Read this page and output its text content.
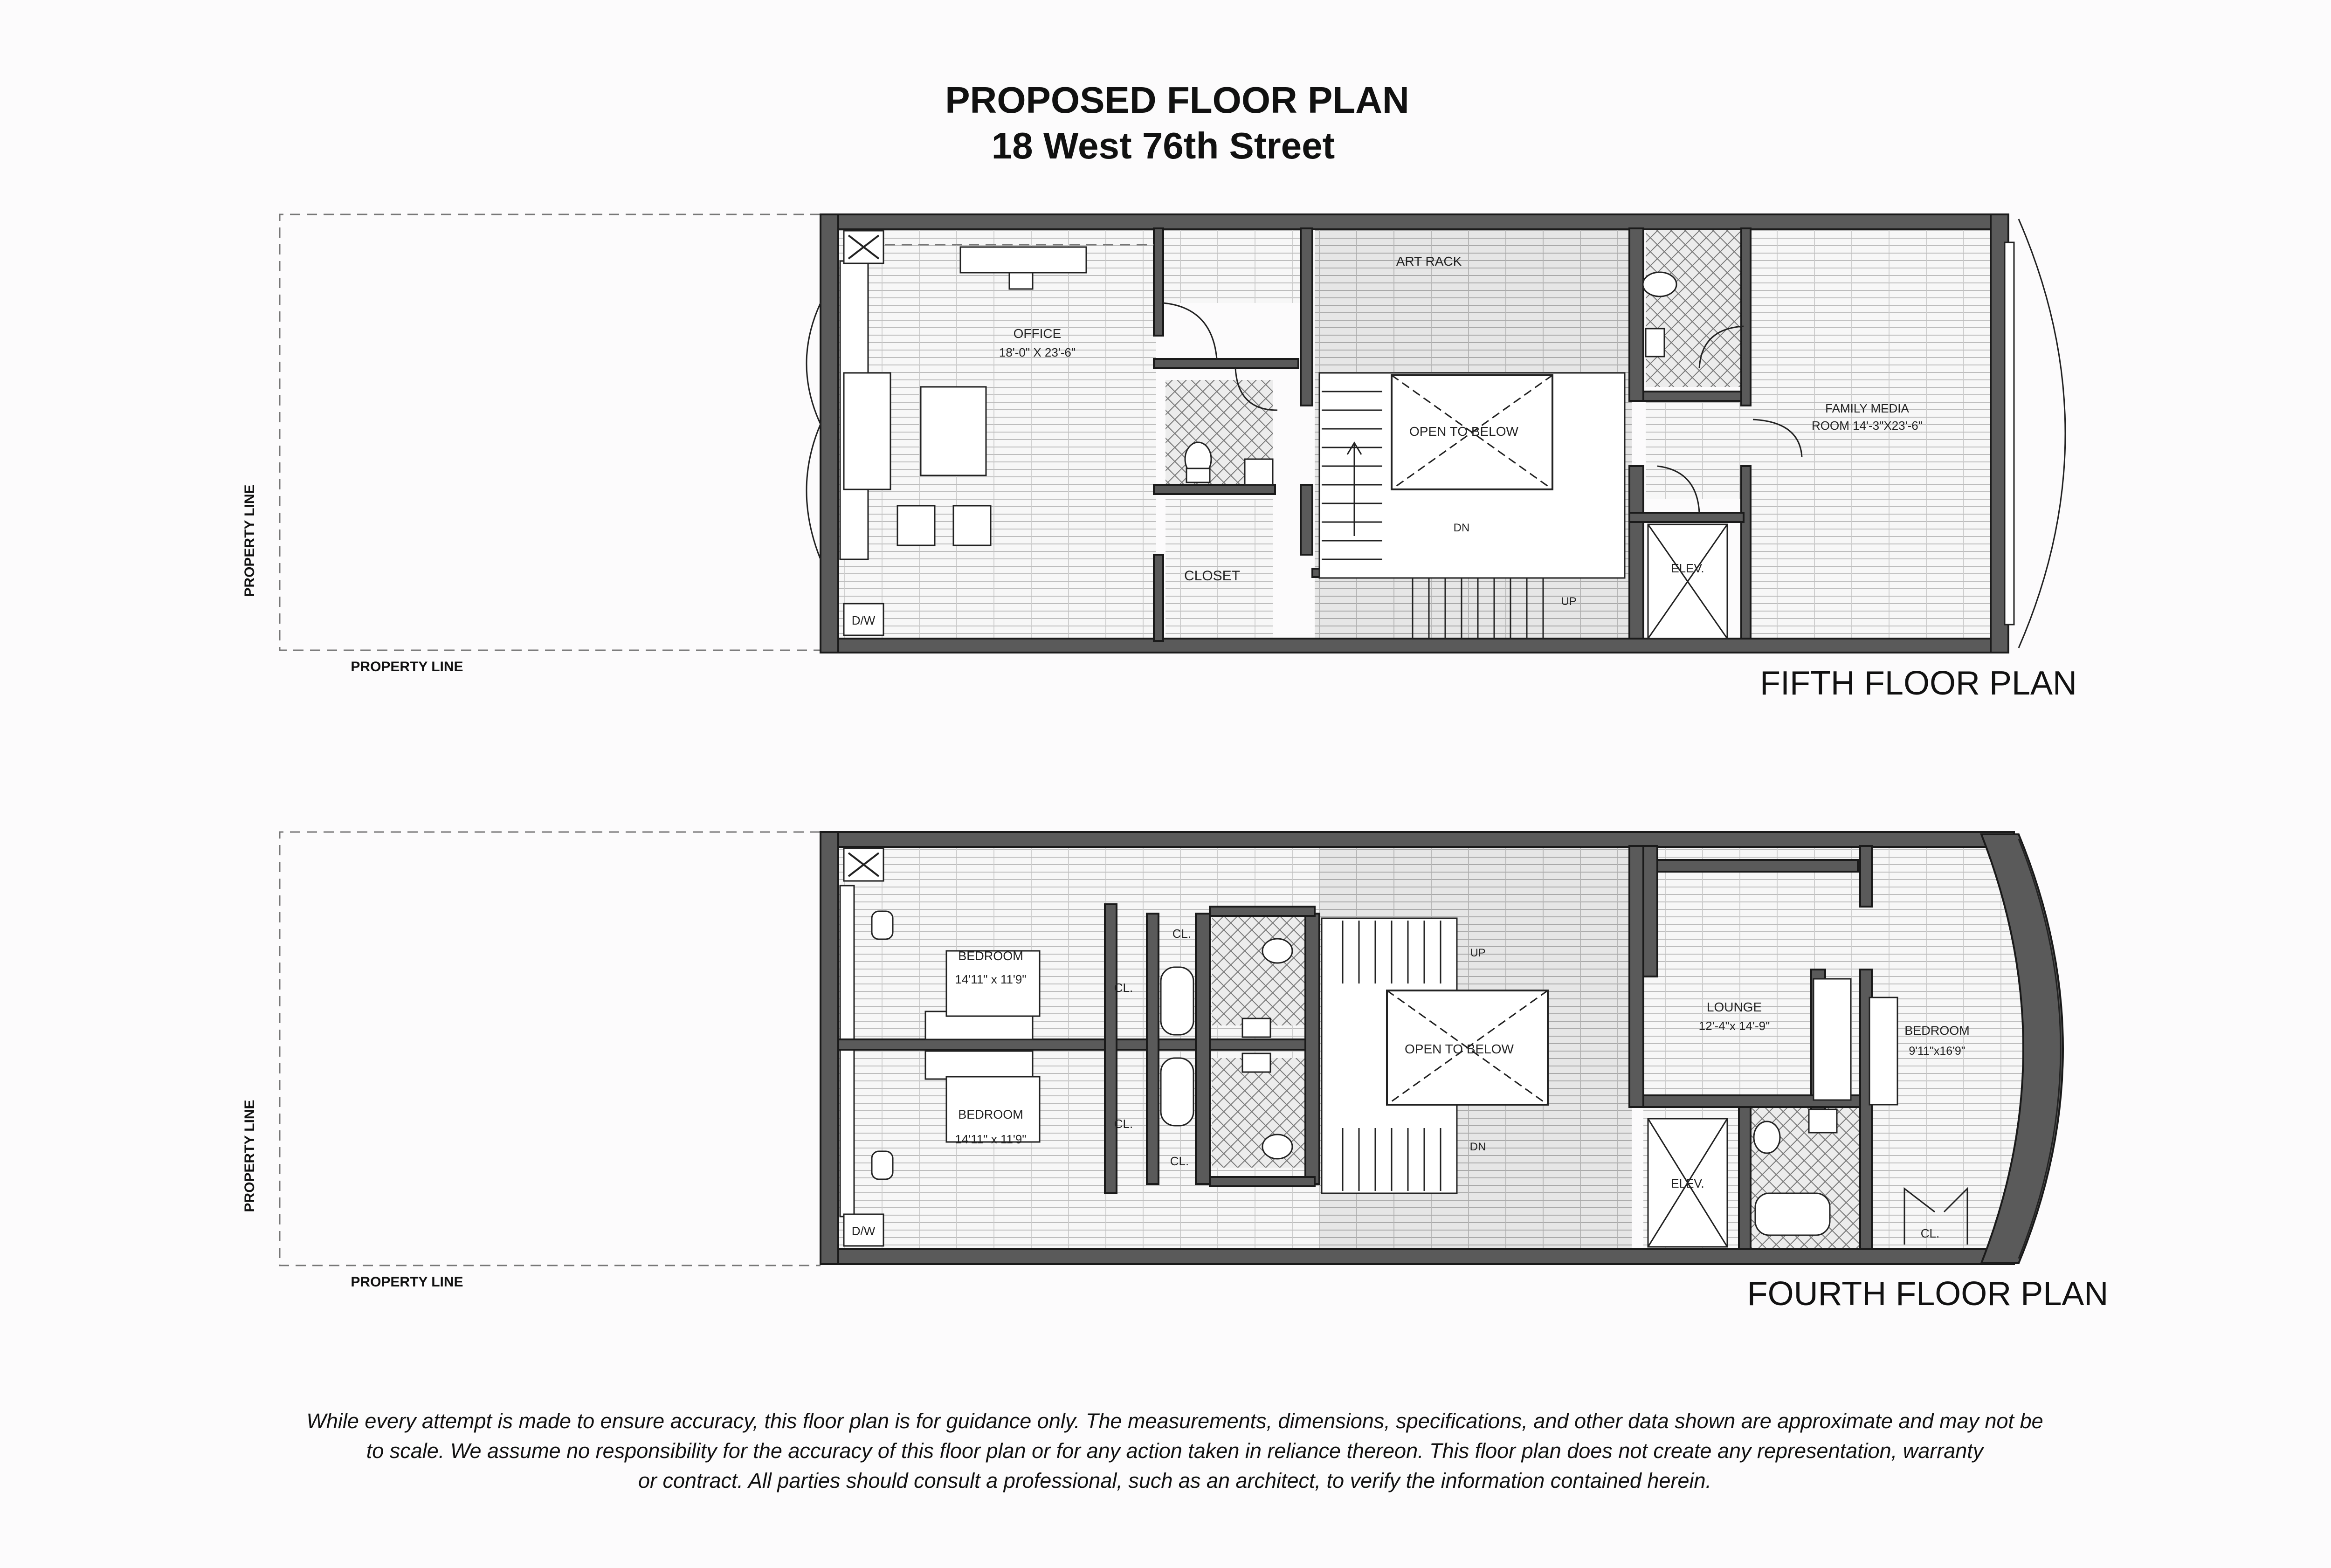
PROPOSED FLOOR PLAN
18 West 76th Street
D/W
ART RACK
OPEN TO BELOW
DN
UP
CLOSET	ELEV.
OFFICE
18'-0" X 23'-6"
FAMILY MEDIA
ROOM 14'-3"X23'-6"
PROPERTY LINE
PROPERTY LINE	FIFTH FLOOR PLAN
D/W
UP
DN
OPEN TO BELOW
ELEV.
BEDROOM
14'11" x 11'9"
BEDROOM
14'11" x 11'9"
CL.
CL.
CL.
CL.
CL.
LOUNGE
12'-4"x 14'-9"	BEDROOM
9'11"x16'9"
PROPERTY LINE
PROPERTY LINE	FOURTH FLOOR PLAN
While every attempt is made to ensure accuracy, this floor plan is for guidance only. The measurements, dimensions, specifications, and other data shown are approximate and may not be
to scale. We assume no responsibility for the accuracy of this floor plan or for any action taken in reliance thereon. This floor plan does not create any representation, warranty
or contract. All parties should consult a professional, such as an architect, to verify the information contained herein.
